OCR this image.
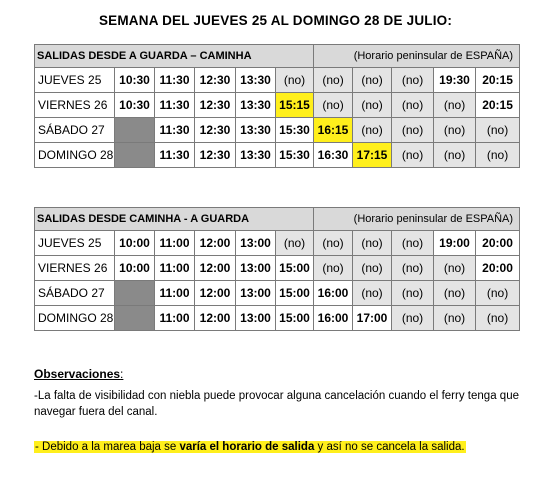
SEMANA DEL JUEVES 25 AL DOMINGO 28 DE JULIO:
SALIDAS DESDE A GUARDA – CAMINHA						(Horario peninsular de ESPAÑA)				
JUEVES 25	10:30	11:30	12:30	13:30	(no)	(no)	(no)	(no)	19:30	20:15
VIERNES 26	10:30	11:30	12:30	13:30	15:15	(no)	(no)	(no)	(no)	20:15
SÁBADO 27		11:30	12:30	13:30	15:30	16:15	(no)	(no)	(no)	(no)
DOMINGO 28		11:30	12:30	13:30	15:30	16:30	17:15	(no)	(no)	(no)
SALIDAS DESDE CAMINHA - A GUARDA						(Horario peninsular de ESPAÑA)				
JUEVES 25	10:00	11:00	12:00	13:00	(no)	(no)	(no)	(no)	19:00	20:00
VIERNES 26	10:00	11:00	12:00	13:00	15:00	(no)	(no)	(no)	(no)	20:00
SÁBADO 27		11:00	12:00	13:00	15:00	16:00	(no)	(no)	(no)	(no)
DOMINGO 28		11:00	12:00	13:00	15:00	16:00	17:00	(no)	(no)	(no)
Observaciones:
-La falta de visibilidad con niebla puede provocar alguna cancelación cuando el ferry tenga que navegar fuera del canal.
- Debido a la marea baja se varía el horario de salida y así no se cancela la salida.
